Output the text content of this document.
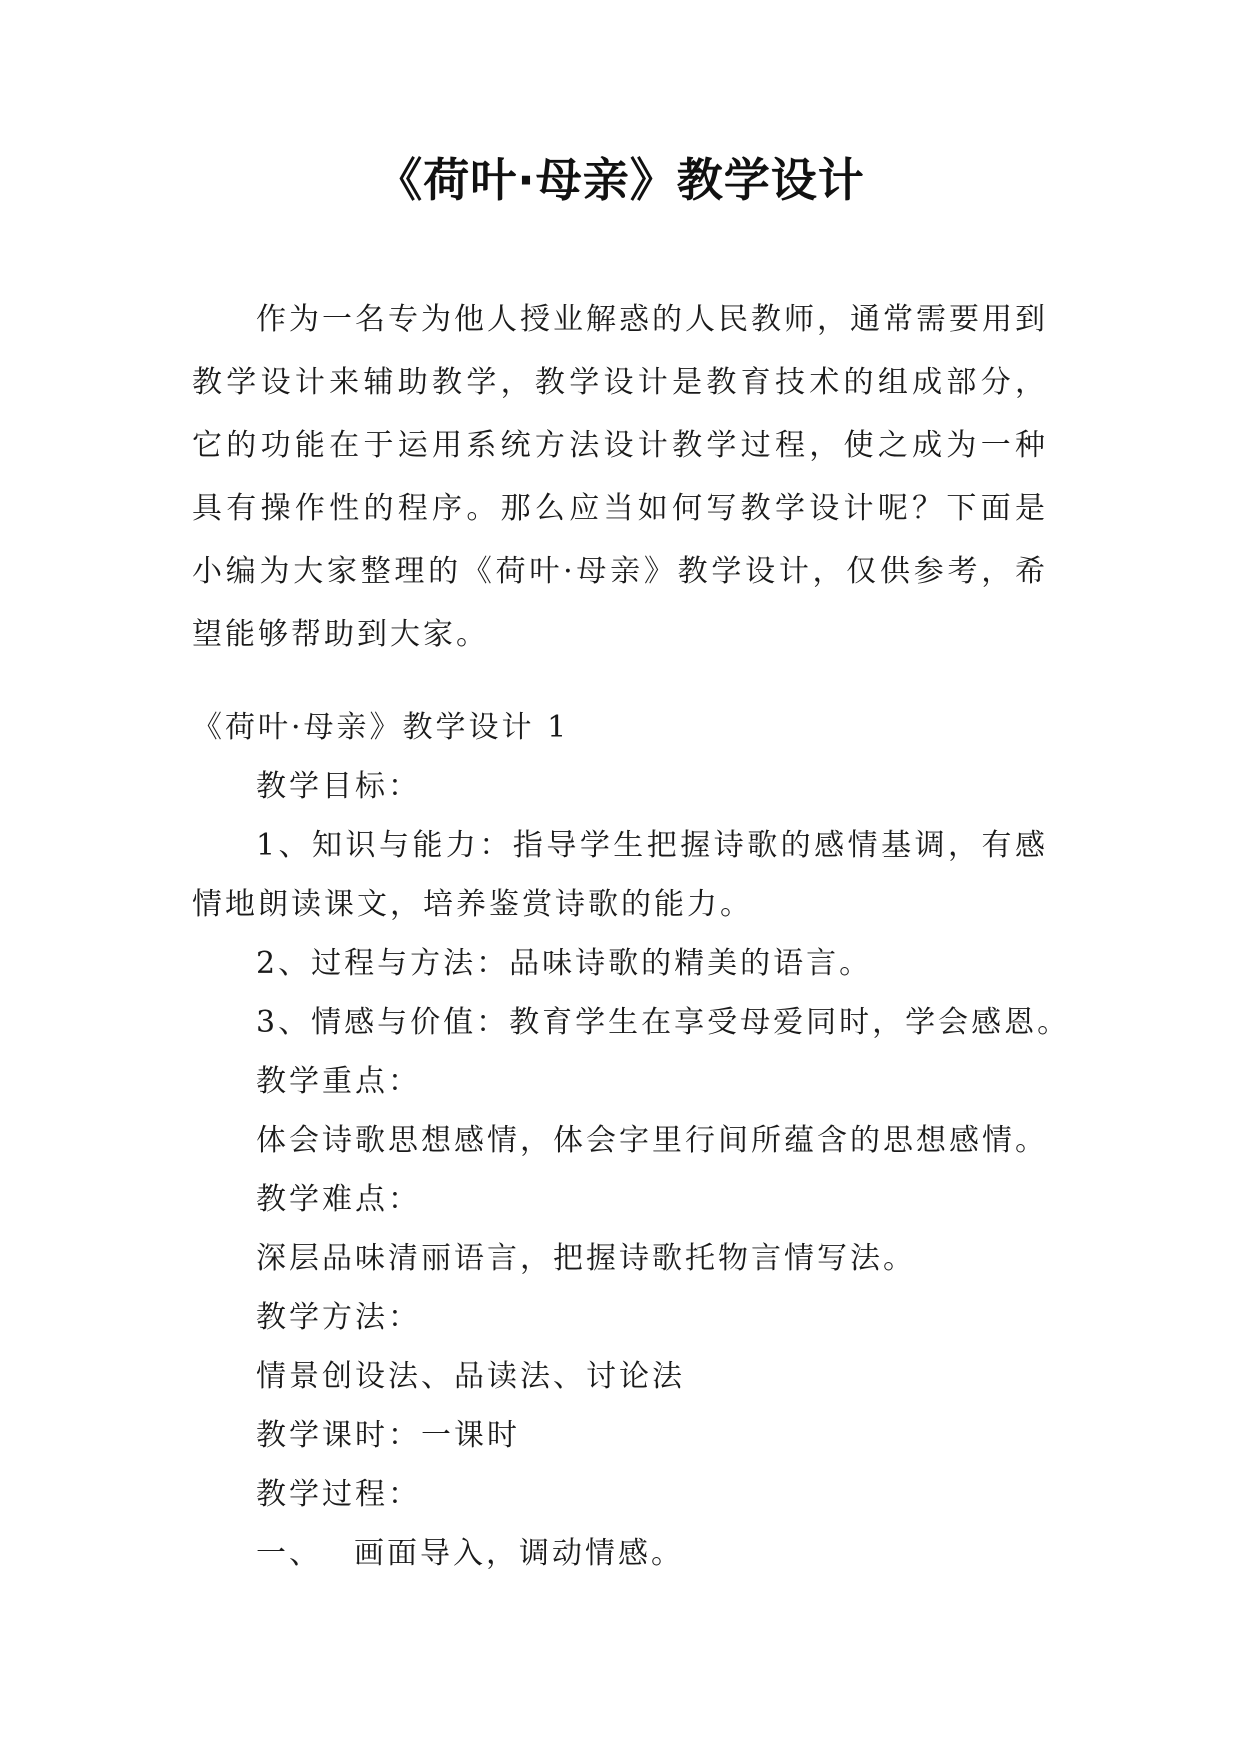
《荷叶·母亲》教学设计

作为一名专为他人授业解惑的人民教师，通常需要用到教学设计来辅助教学，教学设计是教育技术的组成部分，它的功能在于运用系统方法设计教学过程，使之成为一种具有操作性的程序。那么应当如何写教学设计呢？下面是小编为大家整理的《荷叶·母亲》教学设计，仅供参考，希望能够帮助到大家。

《荷叶·母亲》教学设计 1
教学目标：

1、知识与能力：指导学生把握诗歌的感情基调，有感情地朗读课文，培养鉴赏诗歌的能力。

2、过程与方法：品味诗歌的精美的语言。
3、情感与价值：教育学生在享受母爱同时，学会感恩。
教学重点：
体会诗歌思想感情，体会字里行间所蕴含的思想感情。
教学难点：
深层品味清丽语言，把握诗歌托物言情写法。
教学方法：
情景创设法、品读法、讨论法
教学课时：一课时
教学过程：
一、 画面导入，调动情感。
